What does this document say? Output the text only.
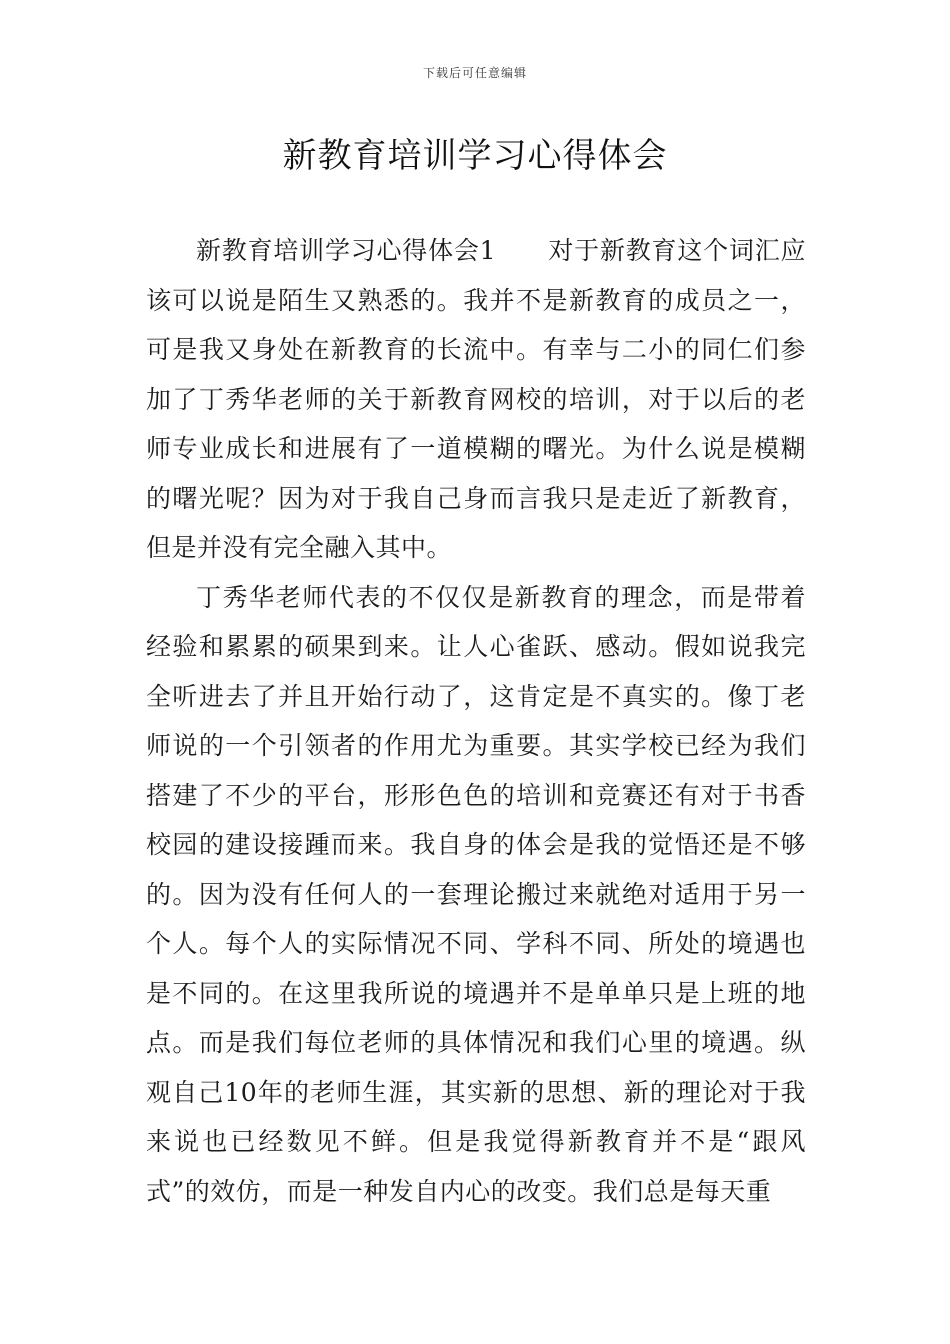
下载后可任意编辑
新教育培训学习心得体会

新教育培训学习心得体会1 对于新教育这个词汇应该可以说是陌生又熟悉的。我并不是新教育的成员之一，可是我又身处在新教育的长流中。有幸与二小的同仁们参加了丁秀华老师的关于新教育网校的培训，对于以后的老师专业成长和进展有了一道模糊的曙光。为什么说是模糊的曙光呢？因为对于我自己身而言我只是走近了新教育，但是并没有完全融入其中。

丁秀华老师代表的不仅仅是新教育的理念，而是带着经验和累累的硕果到来。让人心雀跃、感动。假如说我完全听进去了并且开始行动了，这肯定是不真实的。像丁老师说的一个引领者的作用尤为重要。其实学校已经为我们搭建了不少的平台，形形色色的培训和竞赛还有对于书香校园的建设接踵而来。我自身的体会是我的觉悟还是不够的。因为没有任何人的一套理论搬过来就绝对适用于另一个人。每个人的实际情况不同、学科不同、所处的境遇也是不同的。在这里我所说的境遇并不是单单只是上班的地点。而是我们每位老师的具体情况和我们心里的境遇。纵观自己10年的老师生涯，其实新的思想、新的理论对于我来说也已经数见不鲜。但是我觉得新教育并不是“跟风式”的效仿，而是一种发自内心的改变。我们总是每天重
